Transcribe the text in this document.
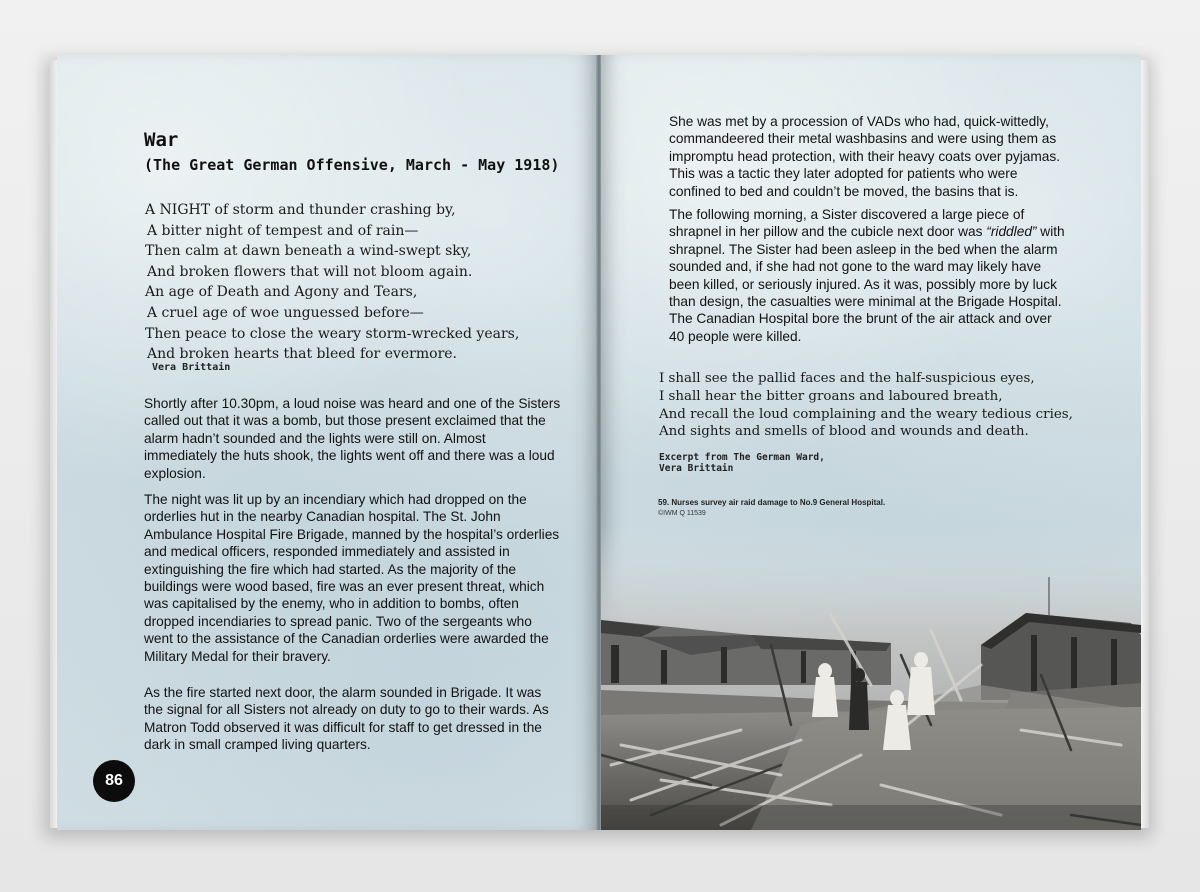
War
(The Great German Offensive, March - May 1918)
A NIGHT of storm and thunder crashing by,
A bitter night of tempest and of rain—
Then calm at dawn beneath a wind-swept sky,
And broken flowers that will not bloom again.
An age of Death and Agony and Tears,
A cruel age of woe unguessed before—
Then peace to close the weary storm-wrecked years,
And broken hearts that bleed for evermore.
Vera Brittain

Shortly after 10.30pm, a loud noise was heard and one of the Sisters called out that it was a bomb, but those present exclaimed that the alarm hadn’t sounded and the lights were still on. Almost immediately the huts shook, the lights went off and there was a loud explosion.

The night was lit up by an incendiary which had dropped on the orderlies hut in the nearby Canadian hospital. The St. John Ambulance Hospital Fire Brigade, manned by the hospital’s orderlies and medical officers, responded immediately and assisted in extinguishing the fire which had started. As the majority of the buildings were wood based, fire was an ever present threat, which was capitalised by the enemy, who in addition to bombs, often dropped incendiaries to spread panic. Two of the sergeants who went to the assistance of the Canadian orderlies were awarded the Military Medal for their bravery.

As the fire started next door, the alarm sounded in Brigade. It was the signal for all Sisters not already on duty to go to their wards. As Matron Todd observed it was difficult for staff to get dressed in the dark in small cramped living quarters.

86

She was met by a procession of VADs who had, quick-wittedly, commandeered their metal washbasins and were using them as impromptu head protection, with their heavy coats over pyjamas. This was a tactic they later adopted for patients who were confined to bed and couldn’t be moved, the basins that is.

The following morning, a Sister discovered a large piece of shrapnel in her pillow and the cubicle next door was “riddled” with shrapnel. The Sister had been asleep in the bed when the alarm sounded and, if she had not gone to the ward may likely have been killed, or seriously injured. As it was, possibly more by luck than design, the casualties were minimal at the Brigade Hospital. The Canadian Hospital bore the brunt of the air attack and over 40 people were killed.

I shall see the pallid faces and the half-suspicious eyes,
I shall hear the bitter groans and laboured breath,
And recall the loud complaining and the weary tedious cries,
And sights and smells of blood and wounds and death.
Excerpt from The German Ward,
Vera Brittain
59. Nurses survey air raid damage to No.9 General Hospital.
©IWM Q 11539
